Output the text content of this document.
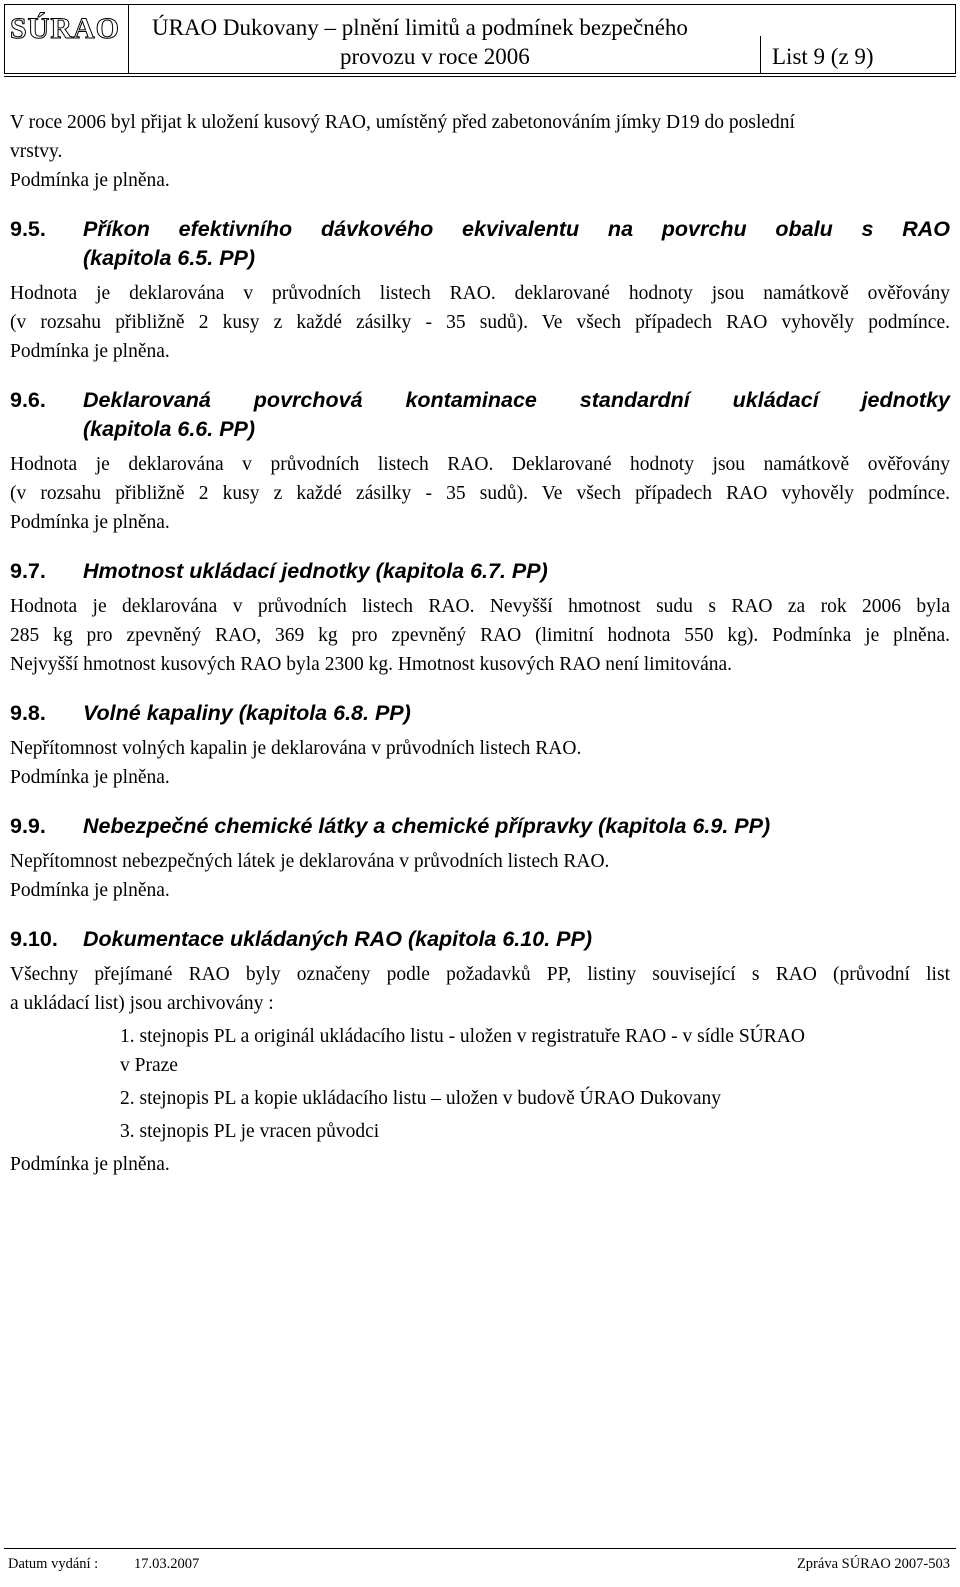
SÚRAO ÚRAO Dukovany – plnění limitů a podmínek bezpečného
provozu v roce 2006	List 9 (z 9)

V roce 2006 byl přijat k uložení kusový RAO, umístěný před zabetonováním jímky D19 do poslední

vrstvy.

Podmínka je plněna.

9.5.	Příkon efektivního dávkového ekvivalentu na povrchu obalu s RAO
(kapitola 6.5. PP)

Hodnota je deklarována v průvodních listech RAO. deklarované hodnoty jsou namátkově ověřovány

(v rozsahu přibližně 2 kusy z každé zásilky - 35 sudů). Ve všech případech RAO vyhověly podmínce.

Podmínka je plněna.

9.6.	Deklarovaná povrchová kontaminace standardní ukládací jednotky
(kapitola 6.6. PP)

Hodnota je deklarována v průvodních listech RAO. Deklarované hodnoty jsou namátkově ověřovány

(v rozsahu přibližně 2 kusy z každé zásilky - 35 sudů). Ve všech případech RAO vyhověly podmínce.

Podmínka je plněna.

9.7.	Hmotnost ukládací jednotky (kapitola 6.7. PP)

Hodnota je deklarována v průvodních listech RAO. Nevyšší hmotnost sudu s RAO za rok 2006 byla

285 kg pro zpevněný RAO, 369 kg pro zpevněný RAO (limitní hodnota 550 kg). Podmínka je plněna.

Nejvyšší hmotnost kusových RAO byla 2300 kg. Hmotnost kusových RAO není limitována.

9.8.	Volné kapaliny (kapitola 6.8. PP)

Nepřítomnost volných kapalin je deklarována v průvodních listech RAO.

Podmínka je plněna.

9.9.	Nebezpečné chemické látky a chemické přípravky (kapitola 6.9. PP)

Nepřítomnost nebezpečných látek je deklarována v průvodních listech RAO.

Podmínka je plněna.

9.10.	Dokumentace ukládaných RAO (kapitola 6.10. PP)

Všechny přejímané RAO byly označeny podle požadavků PP, listiny související s RAO (průvodní list

a ukládací list) jsou archivovány :

1. stejnopis PL a originál ukládacího listu - uložen v registratuře RAO - v sídle SÚRAO

v Praze

2. stejnopis PL a kopie ukládacího listu – uložen v budově ÚRAO Dukovany

3. stejnopis PL je vracen původci

Podmínka je plněna.

Datum vydání : 17.03.2007	Zpráva SÚRAO 2007-503
